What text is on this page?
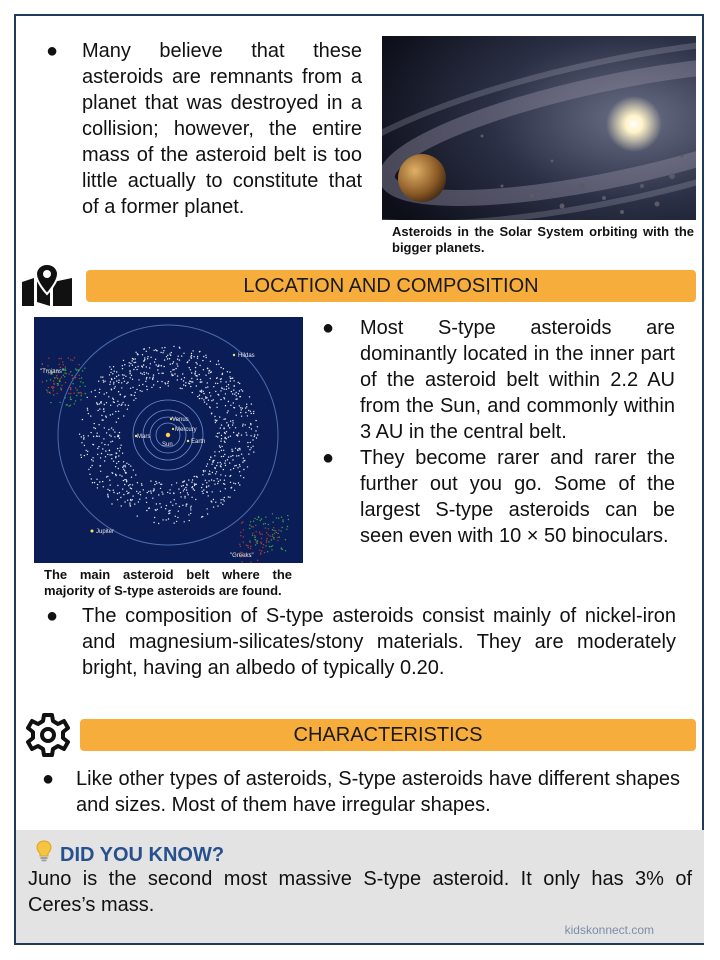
● Many believe that these asteroids are remnants from a planet that was destroyed in a collision; however, the entire mass of the asteroid belt is too little actually to constitute that of a former planet.
Asteroids in the Solar System orbiting with the bigger planets.
LOCATION AND COMPOSITION
"Trojans"
Hildas
Venus
Mercury
Mars
Sun	Earth
Jupiter
"Greeks"
The main asteroid belt where the majority of S-type asteroids are found.
● Most S-type asteroids are dominantly located in the inner part of the asteroid belt within 2.2 AU from the Sun, and commonly within 3 AU in the central belt.
● They become rarer and rarer the further out you go. Some of the largest S-type asteroids can be seen even with 10 × 50 binoculars.
● The composition of S-type asteroids consist mainly of nickel-iron and magnesium-silicates/stony materials. They are moderately bright, having an albedo of typically 0.20.
CHARACTERISTICS
● Like other types of asteroids, S-type asteroids have different shapes and sizes. Most of them have irregular shapes.
DID YOU KNOW?
Juno is the second most massive S-type asteroid. It only has 3% of Ceres’s mass.
kidskonnect.com
